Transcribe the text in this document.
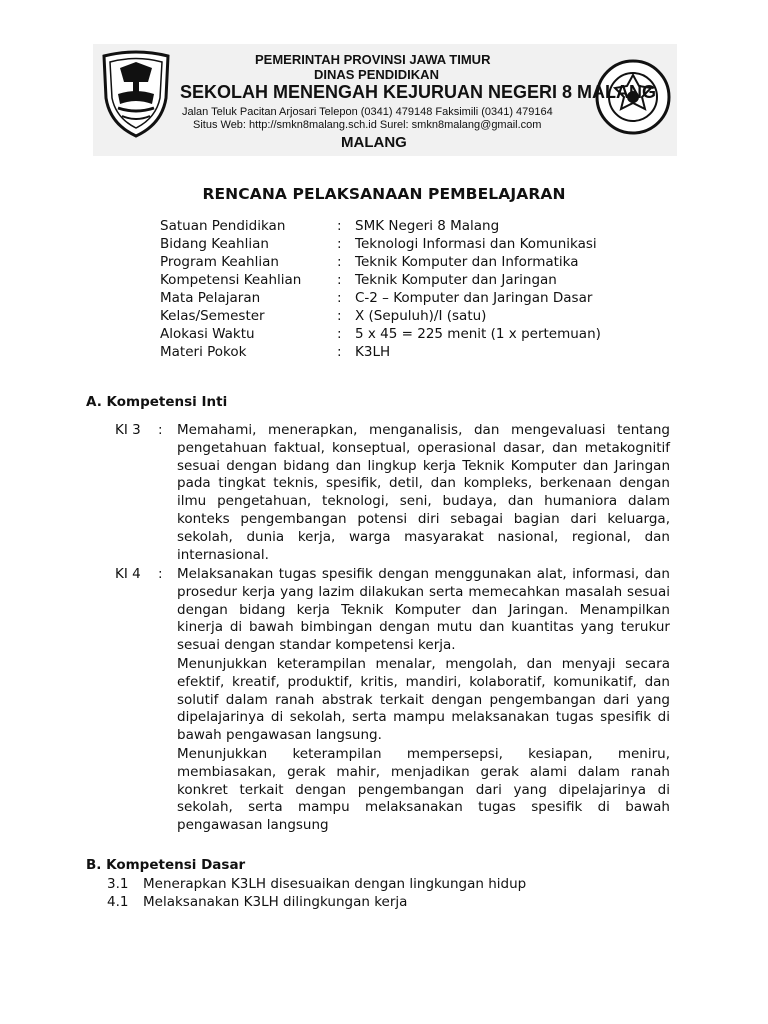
PEMERINTAH PROVINSI JAWA TIMUR
DINAS PENDIDIKAN
SEKOLAH MENENGAH KEJURUAN NEGERI 8 MALANG
Jalan Teluk Pacitan Arjosari Telepon (0341) 479148 Faksimili (0341) 479164
Situs Web: http://smkn8malang.sch.id Surel: smkn8malang@gmail.com
MALANG
RENCANA PELAKSANAAN PEMBELAJARAN
Satuan Pendidikan	: SMK Negeri 8 Malang
Bidang Keahlian	: Teknologi Informasi dan Komunikasi
Program Keahlian	: Teknik Komputer dan Informatika
Kompetensi Keahlian	: Teknik Komputer dan Jaringan
Mata Pelajaran	: C-2 – Komputer dan Jaringan Dasar
Kelas/Semester	: X (Sepuluh)/I (satu)
Alokasi Waktu	: 5 x 45 = 225 menit (1 x pertemuan)
Materi Pokok	: K3LH
A. Kompetensi Inti
KI 3 : Memahami, menerapkan, menganalisis, dan mengevaluasi tentang pengetahuan faktual, konseptual, operasional dasar, dan metakognitif sesuai dengan bidang dan lingkup kerja Teknik Komputer dan Jaringan pada tingkat teknis, spesifik, detil, dan kompleks, berkenaan dengan ilmu pengetahuan, teknologi, seni, budaya, dan humaniora dalam konteks pengembangan potensi diri sebagai bagian dari keluarga, sekolah, dunia kerja, warga masyarakat nasional, regional, dan internasional.

KI 4 : Melaksanakan tugas spesifik dengan menggunakan alat, informasi, dan prosedur kerja yang lazim dilakukan serta memecahkan masalah sesuai dengan bidang kerja Teknik Komputer dan Jaringan. Menampilkan kinerja di bawah bimbingan dengan mutu dan kuantitas yang terukur sesuai dengan standar kompetensi kerja.

Menunjukkan keterampilan menalar, mengolah, dan menyaji secara efektif, kreatif, produktif, kritis, mandiri, kolaboratif, komunikatif, dan solutif dalam ranah abstrak terkait dengan pengembangan dari yang dipelajarinya di sekolah, serta mampu melaksanakan tugas spesifik di bawah pengawasan langsung.

Menunjukkan keterampilan mempersepsi, kesiapan, meniru, membiasakan, gerak mahir, menjadikan gerak alami dalam ranah konkret terkait dengan pengembangan dari yang dipelajarinya di sekolah, serta mampu melaksanakan tugas spesifik di bawah pengawasan langsung

B. Kompetensi Dasar
3.1 Menerapkan K3LH disesuaikan dengan lingkungan hidup
4.1 Melaksanakan K3LH dilingkungan kerja
